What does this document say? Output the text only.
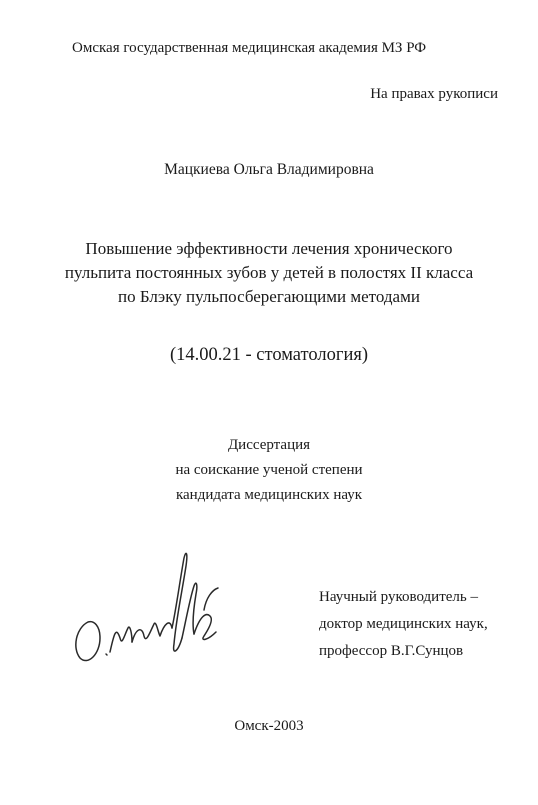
Омская государственная медицинская академия МЗ РФ
На правах рукописи
Мацкиева Ольга Владимировна
Повышение эффективности лечения хронического
пульпита постоянных зубов у детей в полостях II класса
по Блэку пульпосберегающими методами
(14.00.21 - стоматология)
Диссертация
на соискание ученой степени
кандидата медицинских наук
Научный руководитель –
доктор медицинских наук,
профессор В.Г.Сунцов
Омск-2003
